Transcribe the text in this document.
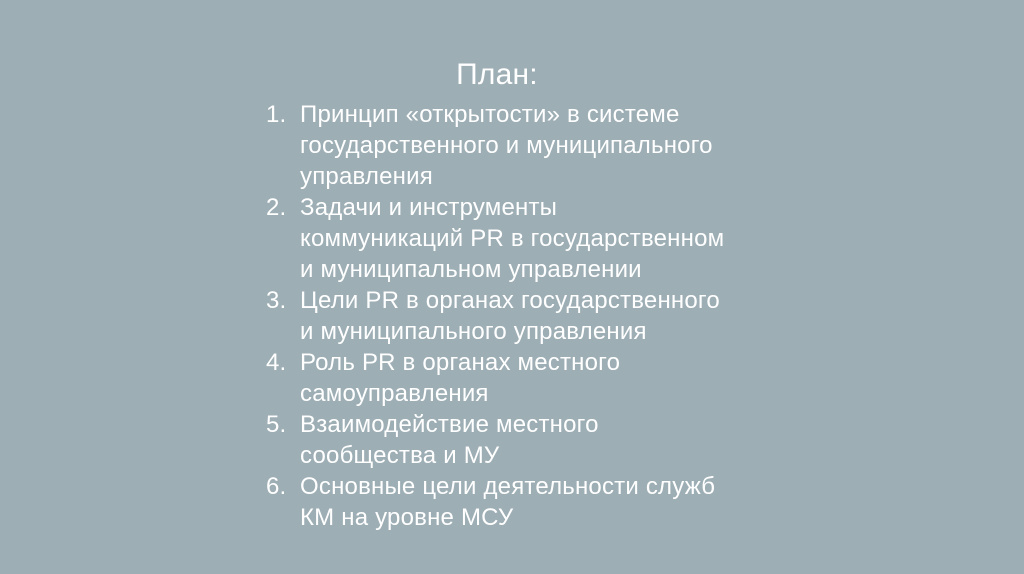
План:
1. Принцип «открытости» в системе
государственного и муниципального
управления
2. Задачи и инструменты
коммуникаций PR в государственном
и муниципальном управлении
3. Цели PR в органах государственного
и муниципального управления
4. Роль PR в органах местного
самоуправления
5. Взаимодействие местного
сообщества и МУ
6. Основные цели деятельности служб
КМ на уровне МСУ
